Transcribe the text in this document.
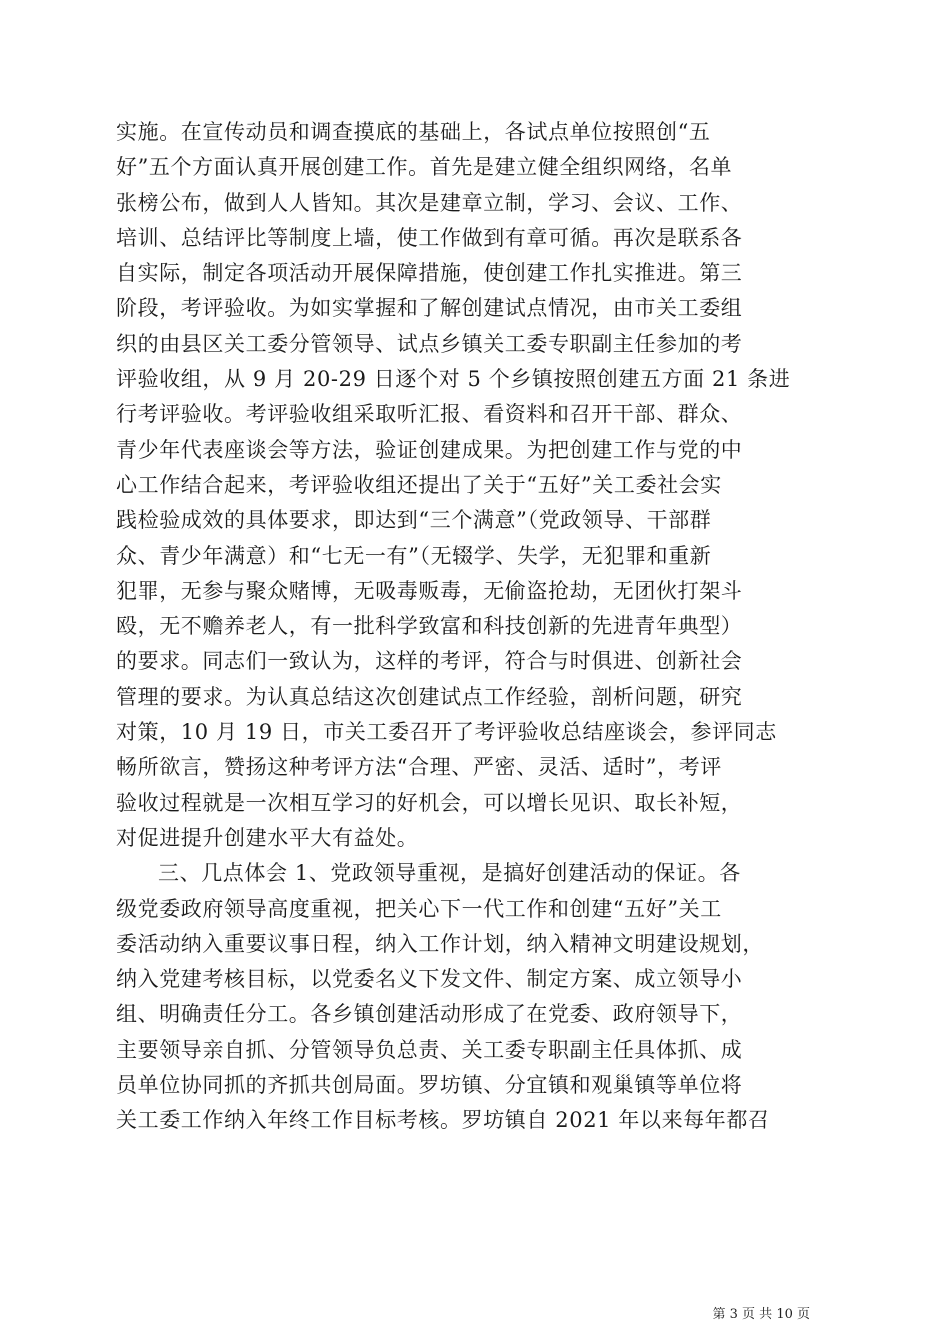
实施。在宣传动员和调查摸底的基础上，各试点单位按照创“五
好”五个方面认真开展创建工作。首先是建立健全组织网络，名单
张榜公布，做到人人皆知。其次是建章立制，学习、会议、工作、
培训、总结评比等制度上墙，使工作做到有章可循。再次是联系各
自实际，制定各项活动开展保障措施，使创建工作扎实推进。第三
阶段，考评验收。为如实掌握和了解创建试点情况，由市关工委组
织的由县区关工委分管领导、试点乡镇关工委专职副主任参加的考
评验收组，从 9 月 20-29 日逐个对 5 个乡镇按照创建五方面 21 条进
行考评验收。考评验收组采取听汇报、看资料和召开干部、群众、
青少年代表座谈会等方法，验证创建成果。为把创建工作与党的中
心工作结合起来，考评验收组还提出了关于“五好”关工委社会实
践检验成效的具体要求，即达到“三个满意”（党政领导、干部群
众、青少年满意）和“七无一有”（无辍学、失学，无犯罪和重新
犯罪，无参与聚众赌博，无吸毒贩毒，无偷盗抢劫，无团伙打架斗
殴，无不赡养老人，有一批科学致富和科技创新的先进青年典型）
的要求。同志们一致认为，这样的考评，符合与时俱进、创新社会
管理的要求。为认真总结这次创建试点工作经验，剖析问题，研究
对策，10 月 19 日，市关工委召开了考评验收总结座谈会，参评同志
畅所欲言，赞扬这种考评方法“合理、严密、灵活、适时”，考评
验收过程就是一次相互学习的好机会，可以增长见识、取长补短，
对促进提升创建水平大有益处。
三、几点体会 1、党政领导重视，是搞好创建活动的保证。各
级党委政府领导高度重视，把关心下一代工作和创建“五好”关工
委活动纳入重要议事日程，纳入工作计划，纳入精神文明建设规划，
纳入党建考核目标，以党委名义下发文件、制定方案、成立领导小
组、明确责任分工。各乡镇创建活动形成了在党委、政府领导下，
主要领导亲自抓、分管领导负总责、关工委专职副主任具体抓、成
员单位协同抓的齐抓共创局面。罗坊镇、分宜镇和观巢镇等单位将
关工委工作纳入年终工作目标考核。罗坊镇自 2021 年以来每年都召
第 3 页 共 10 页
